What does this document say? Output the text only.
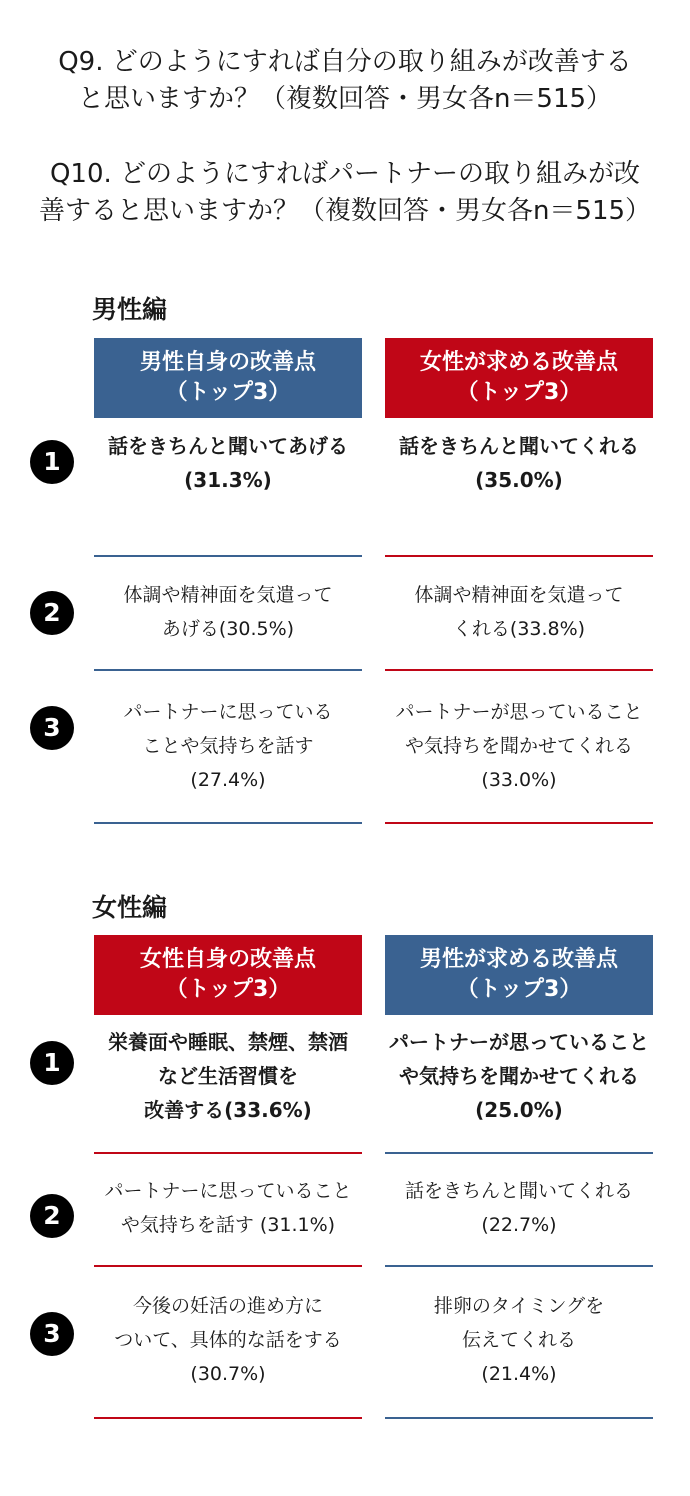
Q9. どのようにすれば自分の取り組みが改善する
と思いますか？（複数回答・男女各n＝515）
Q10. どのようにすればパートナーの取り組みが改
善すると思いますか？（複数回答・男女各n＝515）
男性編
男性自身の改善点
（トップ3）
女性が求める改善点
（トップ3）
1
話をきちんと聞いてあげる
(31.3%)
話をきちんと聞いてくれる
(35.0%)
2
体調や精神面を気遣って
あげる(30.5%)
体調や精神面を気遣って
くれる(33.8%)
3
パートナーに思っている
ことや気持ちを話す
(27.4%)
パートナーが思っていること
や気持ちを聞かせてくれる
(33.0%)
女性編
女性自身の改善点
（トップ3）
男性が求める改善点
（トップ3）
1
栄養面や睡眠、禁煙、禁酒
など生活習慣を
改善する(33.6%)
パートナーが思っていること
や気持ちを聞かせてくれる
(25.0%)
2
パートナーに思っていること
や気持ちを話す (31.1%)
話をきちんと聞いてくれる
(22.7%)
3
今後の妊活の進め方に
ついて、具体的な話をする
(30.7%)
排卵のタイミングを
伝えてくれる
(21.4%)
